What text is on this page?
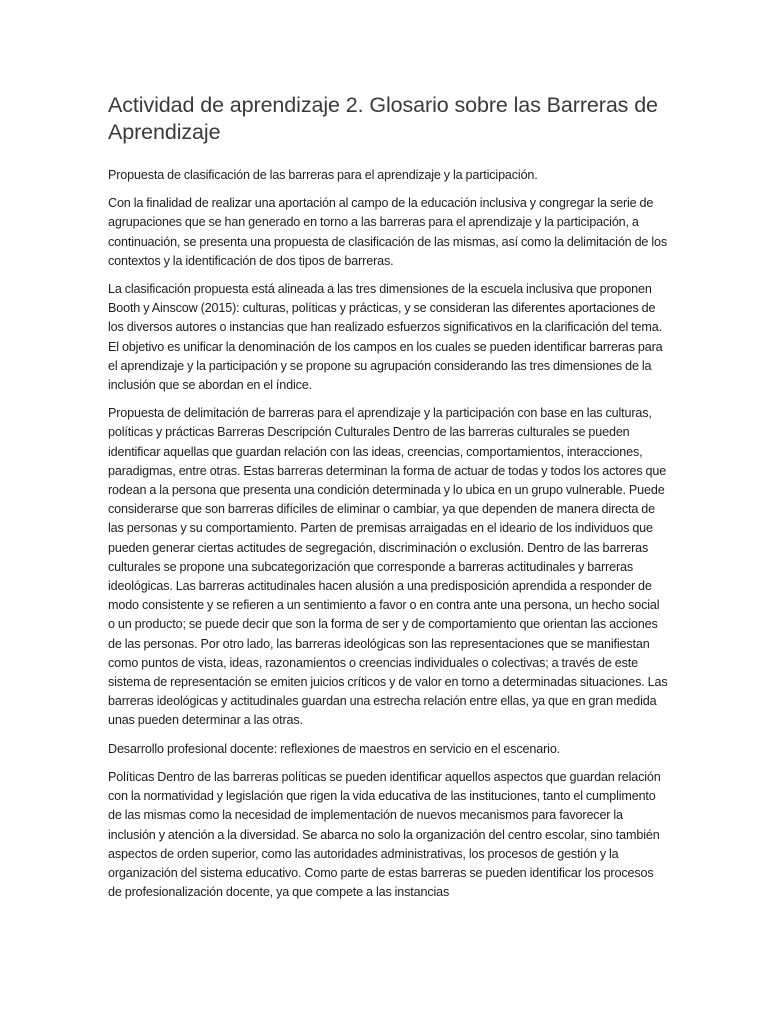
Actividad de aprendizaje 2. Glosario sobre las Barreras de Aprendizaje

Propuesta de clasificación de las barreras para el aprendizaje y la participación.

Con la finalidad de realizar una aportación al campo de la educación inclusiva y congregar la serie de agrupaciones que se han generado en torno a las barreras para el aprendizaje y la participación, a continuación, se presenta una propuesta de clasificación de las mismas, así como la delimitación de los contextos y la identificación de dos tipos de barreras.

La clasificación propuesta está alineada a las tres dimensiones de la escuela inclusiva que proponen Booth y Ainscow (2015): culturas, políticas y prácticas, y se consideran las diferentes aportaciones de los diversos autores o instancias que han realizado esfuerzos significativos en la clarificación del tema. El objetivo es unificar la denominación de los campos en los cuales se pueden identificar barreras para el aprendizaje y la participación y se propone su agrupación considerando las tres dimensiones de la inclusión que se abordan en el índice.

Propuesta de delimitación de barreras para el aprendizaje y la participación con base en las culturas, políticas y prácticas Barreras Descripción Culturales Dentro de las barreras culturales se pueden identificar aquellas que guardan relación con las ideas, creencias, comportamientos, interacciones, paradigmas, entre otras. Estas barreras determinan la forma de actuar de todas y todos los actores que rodean a la persona que presenta una condición determinada y lo ubica en un grupo vulnerable. Puede considerarse que son barreras difíciles de eliminar o cambiar, ya que dependen de manera directa de las personas y su comportamiento. Parten de premisas arraigadas en el ideario de los individuos que pueden generar ciertas actitudes de segregación, discriminación o exclusión. Dentro de las barreras culturales se propone una subcategorización que corresponde a barreras actitudinales y barreras ideológicas. Las barreras actitudinales hacen alusión a una predisposición aprendida a responder de modo consistente y se refieren a un sentimiento a favor o en contra ante una persona, un hecho social o un producto; se puede decir que son la forma de ser y de comportamiento que orientan las acciones de las personas. Por otro lado, las barreras ideológicas son las representaciones que se manifiestan como puntos de vista, ideas, razonamientos o creencias individuales o colectivas; a través de este sistema de representación se emiten juicios críticos y de valor en torno a determinadas situaciones. Las barreras ideológicas y actitudinales guardan una estrecha relación entre ellas, ya que en gran medida unas pueden determinar a las otras.

Desarrollo profesional docente: reflexiones de maestros en servicio en el escenario.

Políticas Dentro de las barreras políticas se pueden identificar aquellos aspectos que guardan relación con la normatividad y legislación que rigen la vida educativa de las instituciones, tanto el cumplimento de las mismas como la necesidad de implementación de nuevos mecanismos para favorecer la inclusión y atención a la diversidad. Se abarca no solo la organización del centro escolar, sino también aspectos de orden superior, como las autoridades administrativas, los procesos de gestión y la organización del sistema educativo. Como parte de estas barreras se pueden identificar los procesos de profesionalización docente, ya que compete a las instancias
